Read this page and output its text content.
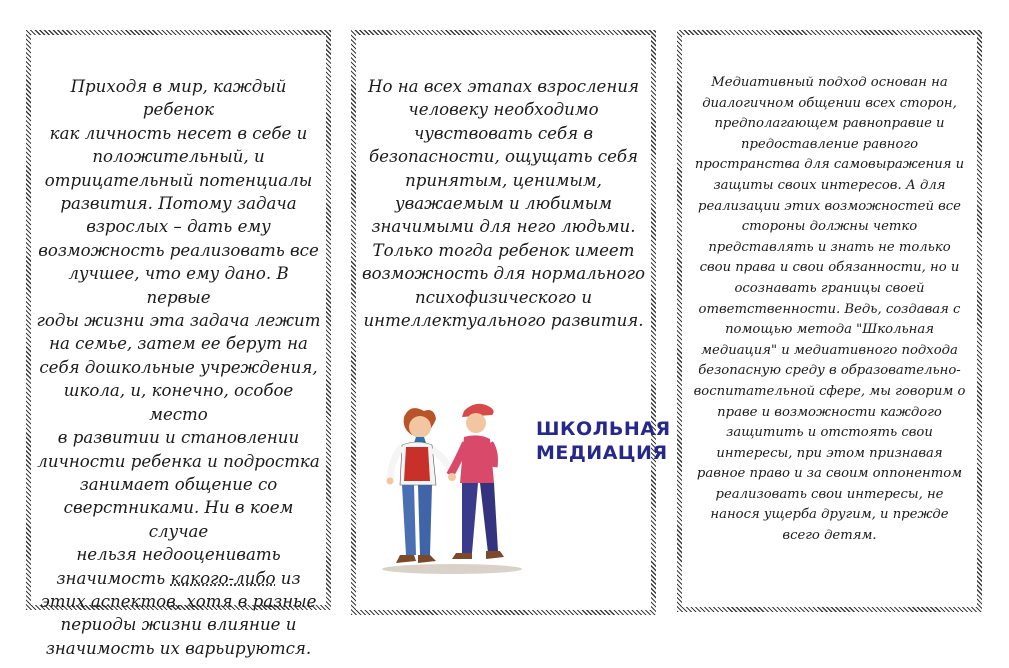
Приходя в мир, каждый ребенок
как личность несет в себе и
положительный, и
отрицательный потенциалы
развития. Потому задача
взрослых – дать ему
возможность реализовать все
лучшее, что ему дано. В первые
годы жизни эта задача лежит
на семье, затем ее берут на
себя дошкольные учреждения,
школа, и, конечно, особое место
в развитии и становлении
личности ребенка и подростка
занимает общение со
сверстниками. Ни в коем случае
нельзя недооценивать
значимость какого-либо из
этих аспектов, хотя в разные
периоды жизни влияние и
значимость их варьируются.
Но на всех этапах взросления
человеку необходимо
чувствовать себя в
безопасности, ощущать себя
принятым, ценимым,
уважаемым и любимым
значимыми для него людьми.
Только тогда ребенок имеет
возможность для нормального
психофизического и
интеллектуального развития.
ШКОЛЬНАЯ
МЕДИАЦИЯ
Медиативный подход основан на
диалогичном общении всех сторон,
предполагающем равноправие и
предоставление равного
пространства для самовыражения и
защиты своих интересов. А для
реализации этих возможностей все
стороны должны четко
представлять и знать не только
свои права и свои обязанности, но и
осознавать границы своей
ответственности. Ведь, создавая с
помощью метода "Школьная
медиация" и медиативного подхода
безопасную среду в образовательно-
воспитательной сфере, мы говорим о
праве и возможности каждого
защитить и отстоять свои
интересы, при этом признавая
равное право и за своим оппонентом
реализовать свои интересы, не
нанося ущерба другим, и прежде
всего детям.
